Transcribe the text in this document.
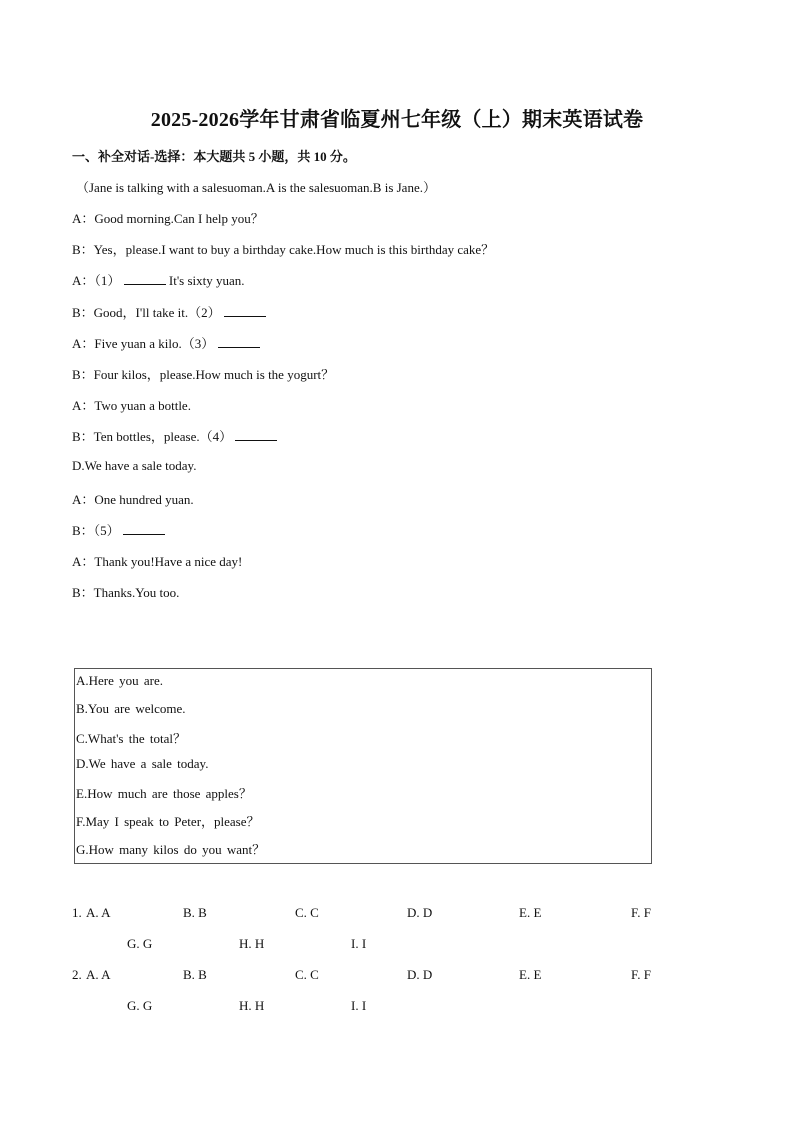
2025-2026学年甘肃省临夏州七年级（上）期末英语试卷

一、补全对话-选择：本大题共 5 小题，共 10 分。

（Jane is talking with a salesuoman.A is the salesuoman.B is Jane.）

A：Good morning.Can I help you？

B：Yes，please.I want to buy a birthday cake.How much is this birthday cake？

A：（1）	It's sixty yuan.

B：Good，I'll take it.（2）

A：Five yuan a kilo.（3）

B：Four kilos，please.How much is the yogurt？

A：Two yuan a bottle.

B：Ten bottles，please.（4）

D.We have a sale today.

A：One hundred yuan.

B：（5）

A：Thank you!Have a nice day!

B：Thanks.You too.

A.Here you are.

B.You are welcome.

C.What's the total？

D.We have a sale today.

E.How much are those apples？

F.May I speak to Peter，please？

G.How many kilos do you want？

1. A. A	B. B	C. C	D. D	E. E	F. F
G. G	H. H	I. I
2. A. A	B. B	C. C	D. D	E. E	F. F
G. G	H. H	I. I
